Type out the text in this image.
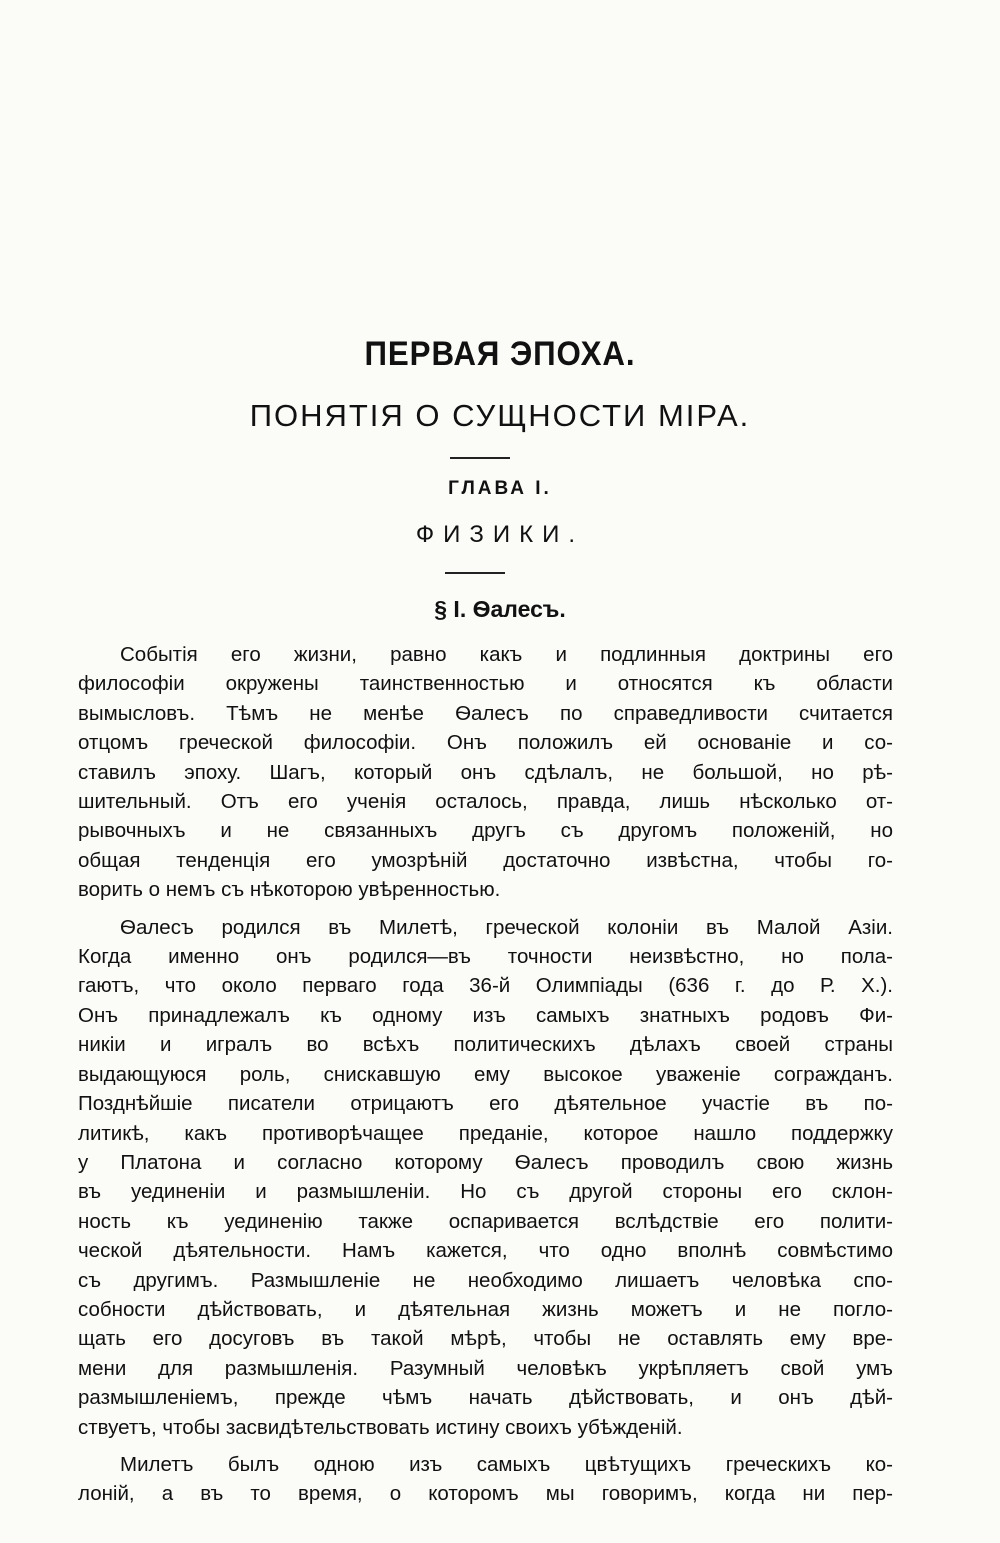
ПЕРВАЯ ЭПОХА.
ПОНЯТІЯ О СУЩНОСТИ МІРА.
ГЛАВА I.
ФИЗИКИ.
§ I. Ѳалесъ.
Событія его жизни, равно какъ и подлинныя доктрины его
философіи окружены таинственностью и относятся къ области
вымысловъ. Тѣмъ не менѣе Ѳалесъ по справедливости считается
отцомъ греческой философіи. Онъ положилъ ей основаніе и со-
ставилъ эпоху. Шагъ, который онъ сдѣлалъ, не большой, но рѣ-
шительный. Отъ его ученія осталось, правда, лишь нѣсколько от-
рывочныхъ и не связанныхъ другъ съ другомъ положеній, но
общая тенденція его умозрѣній достаточно извѣстна, чтобы го-
ворить о немъ съ нѣкоторою увѣренностью.
Ѳалесъ родился въ Милетѣ, греческой колоніи въ Малой Азіи.
Когда именно онъ родился—въ точности неизвѣстно, но пола-
гаютъ, что около перваго года 36-й Олимпіады (636 г. до Р. Х.).
Онъ принадлежалъ къ одному изъ самыхъ знатныхъ родовъ Фи-
никіи и игралъ во всѣхъ политическихъ дѣлахъ своей страны
выдающуюся роль, снискавшую ему высокое уваженіе согражданъ.
Позднѣйшіе писатели отрицаютъ его дѣятельное участіе въ по-
литикѣ, какъ противорѣчащее преданіе, которое нашло поддержку
у Платона и согласно которому Ѳалесъ проводилъ свою жизнь
въ уединеніи и размышленіи. Но съ другой стороны его склон-
ность къ уединенію также оспаривается вслѣдствіе его полити-
ческой дѣятельности. Намъ кажется, что одно вполнѣ совмѣстимо
съ другимъ. Размышленіе не необходимо лишаетъ человѣка спо-
собности дѣйствовать, и дѣятельная жизнь можетъ и не погло-
щать его досуговъ въ такой мѣрѣ, чтобы не оставлять ему вре-
мени для размышленія. Разумный человѣкъ укрѣпляетъ свой умъ
размышленіемъ, прежде чѣмъ начать дѣйствовать, и онъ дѣй-
ствуетъ, чтобы засвидѣтельствовать истину своихъ убѣжденій.
Милетъ былъ одною изъ самыхъ цвѣтущихъ греческихъ ко-
лоній, а въ то время, о которомъ мы говоримъ, когда ни пер-
